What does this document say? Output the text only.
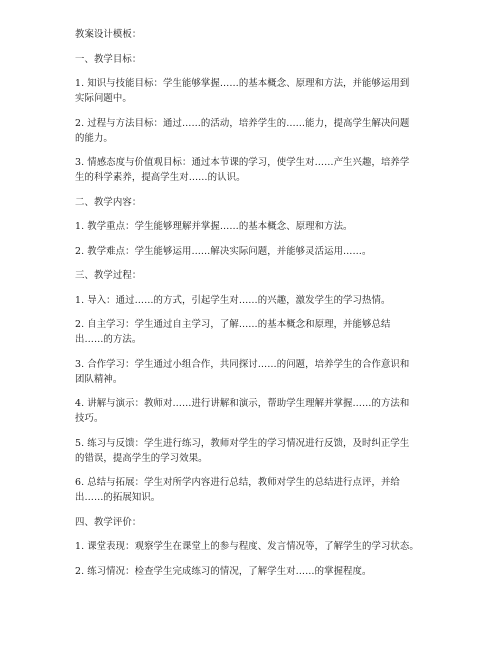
教案设计模板：

一、教学目标：

1. 知识与技能目标：学生能够掌握……的基本概念、原理和方法，并能够运用到
实际问题中。

2. 过程与方法目标：通过……的活动，培养学生的……能力，提高学生解决问题
的能力。

3. 情感态度与价值观目标：通过本节课的学习，使学生对……产生兴趣，培养学
生的科学素养，提高学生对……的认识。

二、教学内容：

1. 教学重点：学生能够理解并掌握……的基本概念、原理和方法。

2. 教学难点：学生能够运用……解决实际问题，并能够灵活运用……。

三、教学过程：

1. 导入：通过……的方式，引起学生对……的兴趣，激发学生的学习热情。

2. 自主学习：学生通过自主学习，了解……的基本概念和原理，并能够总结
出……的方法。

3. 合作学习：学生通过小组合作，共同探讨……的问题，培养学生的合作意识和
团队精神。

4. 讲解与演示：教师对……进行讲解和演示，帮助学生理解并掌握……的方法和
技巧。

5. 练习与反馈：学生进行练习，教师对学生的学习情况进行反馈，及时纠正学生
的错误，提高学生的学习效果。

6. 总结与拓展：学生对所学内容进行总结，教师对学生的总结进行点评，并给
出……的拓展知识。

四、教学评价：

1. 课堂表现：观察学生在课堂上的参与程度、发言情况等，了解学生的学习状态。

2. 练习情况：检查学生完成练习的情况，了解学生对……的掌握程度。
